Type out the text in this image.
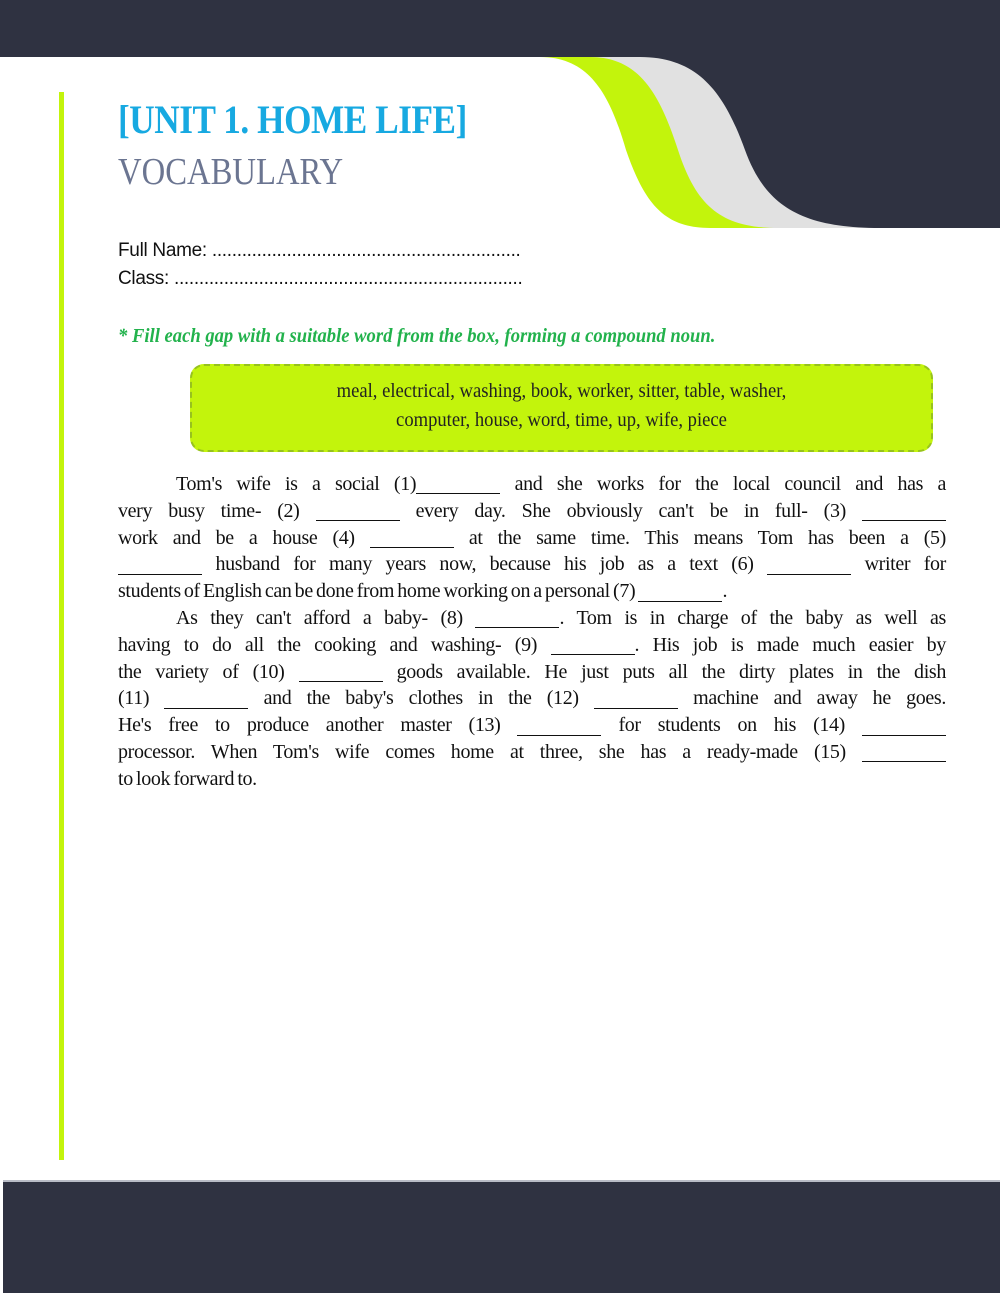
[UNIT 1. HOME LIFE]
VOCABULARY
Full Name: ..............................................................
Class: ......................................................................
* Fill each gap with a suitable word from the box, forming a compound noun.
meal, electrical, washing, book, worker, sitter, table, washer,
computer, house, word, time, up, wife, piece
Tom's wife is a social (1)	and she works for the local council and has a
very busy time- (2)	every day. She obviously can't be in full- (3)
work and be a house (4)	at the same time. This means Tom has been a (5)
husband for many years now, because his job as a text (6)	writer for
students of English can be done from home working on a personal (7)	.
As they can't afford a baby- (8)	. Tom is in charge of the baby as well as
having to do all the cooking and washing- (9)	. His job is made much easier by
the variety of (10)	goods available. He just puts all the dirty plates in the dish
(11)	and the baby's clothes in the (12)	machine and away he goes.
He's free to produce another master (13)	for students on his (14)
processor. When Tom's wife comes home at three, she has a ready-made (15)
to look forward to.
